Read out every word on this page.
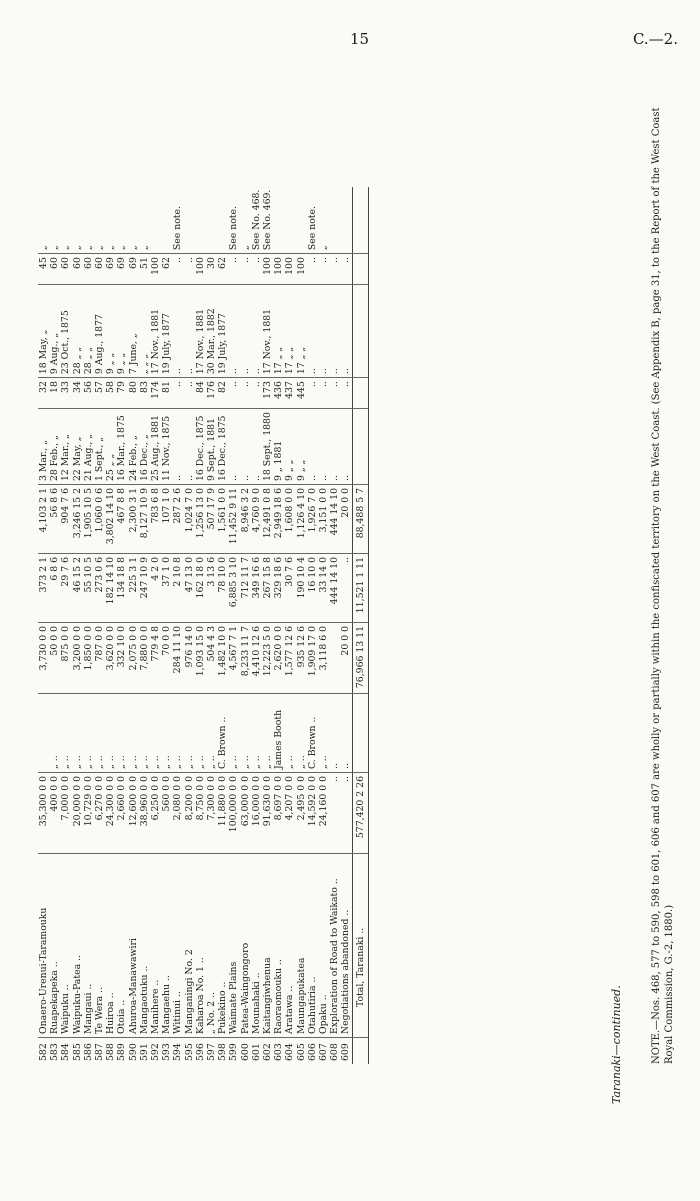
15	C.—2.
Taranaki—continued.
582	Onaero-Urenui-Taramouku	35,300 0 0		3,730 0 0	373 2 1	4,103 2 1	3 Mar., „	32	18 May, „	45	„
583	Ruapekapeka ..	400 0 0	„ ..	50 0 0	6 8 6	56 8 6	28 Feb., „	18	9 Aug., „	60	„
584	Waipuku ..	7,000 0 0	„ ..	875 0 0	29 7 6	904 7 6	12 Mar., „	33	23 Oct., 1875	60	„
585	Waipuku-Patea ..	20,000 0 0	„ ..	3,200 0 0	46 15 2	3,246 15 2	22 May, „	34	28 „ „	60	„
586	Mangaui ..	10,729 0 0	„ ..	1,850 0 0	55 10 5	1,905 10 5	21 Aug., „	56	28 „ „	60	„
587	Te Wera ..	6,270 0 0	„ ..	787 0 0	273 0 6	1,060 0 6	1 Sept., „	57	9 Aug., 1877	60	„
588	Huiroa ..	24,300 0 0	„ ..	3,620 0 0	182 14 10	3,802 14 10	25 „ „	58	9 „ „	69	„
589	Otoia ..	2,660 0 0	„ ..	332 10 0	134 18 8	467 8 8	16 Mar., 1875	79	9 „ „	69	„
590	Ahuroa-Manawawiri	12,600 0 0	„ ..	2,075 0 0	225 3 1	2,300 3 1	24 Feb., „	80	7 June, „	69	„
591	Mangaotuku ..	38,960 0 0	„ ..	7,880 0 0	247 10 9	8,127 10 9	16 Dec., „	83	„ „ „	51	„
592	Manihere ..	6,250 0 0	„ ..	779 4 8	4 2 0	783 6 8	25 Aug., 1881	174	17 Nov., 1881	100	
593	Mangaehu ..	560 0 0	„ ..	70 0 0	37 1 0	107 1 0	11 Nov., 1875	81	19 July, 1877	62	
594	Witinui ..	2,080 0 0	„ ..	284 11 10	2 10 8	287 2 6	..	..	..	..	See note.
595	Manganingi No. 2	8,200 0 0	„ ..	976 14 0	47 13 0	1,024 7 0	..	..	..	..	
596	Kaharoa No. 1 ..	8,750 0 0	„ ..	1,093 15 0	162 18 0	1,256 13 0	16 Dec., 1875	84	17 Nov., 1881	100	
597	„ No. 2 ..	7,300 0 0	„ ..	504 4 3	3 13 6	507 17 9	9 Sept., 1881	176	30 Mar., 1882	30	
598	Pukekino ..	11,880 0 0	C. Brown ..	1,482 10 0	78 10 0	1,561 0 0	16 Dec., 1875	82	19 July, 1877	62	
599	Waimate Plains	100,000 0 0	„ ..	4,567 7 1	6,885 3 10	11,452 9 11	..	..	..	..	See note.
600	Patea-Waingongoro	63,000 0 0	„ ..	8,233 11 7	712 11 7	8,946 3 2	..	..	..	..	„
601	Mounahaki ..	16,000 0 0	„ ..	4,410 12 6	349 16 6	4,760 9 0	..	..	..	..	See No. 468.
602	Kaitangiwhenua	91,630 0 0	„ ..	12,223 5 0	267 15 8	12,491 0 8	18 Sept., 1880	173	17 Nov., 1881	100	See No. 469.
603	Raoraomouku ..	8,697 0 0	James Booth	2,620 0 0	329 18 6	2,949 18 6	9 „ 1881	436	17 „ „	100	
604	Aratawa ..	4,207 0 0	„ ..	1,577 12 6	30 7 6	1,608 0 0	9 „ „	437	17 „ „	100	
605	Maungapukatea	2,495 0 0	„ ..	935 12 6	190 10 4	1,126 4 10	9 „ „	445	17 „ „	100	
606	Otahutiria ..	14,592 0 0	C. Brown ..	1,909 17 0	16 10 0	1,926 7 0	..	..	..	..	See note.
607	Opaku ..	24,160 0 0	„ ..	3,118 6 0	33 14 0	3,151 0 0	..	..	..	..	„
608	Exploration of Road to Waikato ..	..	..		444 14 10	444 14 10	..	..	..	..	
609	Negotiations abandoned ..	..	..	20 0 0	..	20 0 0	..	..	..	..	
	Total, Taranaki ..	577,420 2 26		76,966 13 11	11,521 1 11	88,488 5 7						NOTE.—Nos. 468, 577 to 590, 598 to 601, 606 and 607 are wholly or partially within the confiscated territory on the West Coast. (See Appendix B, page 31, to the Report of the West Coast Royal Commission, G.-2, 1880.)
